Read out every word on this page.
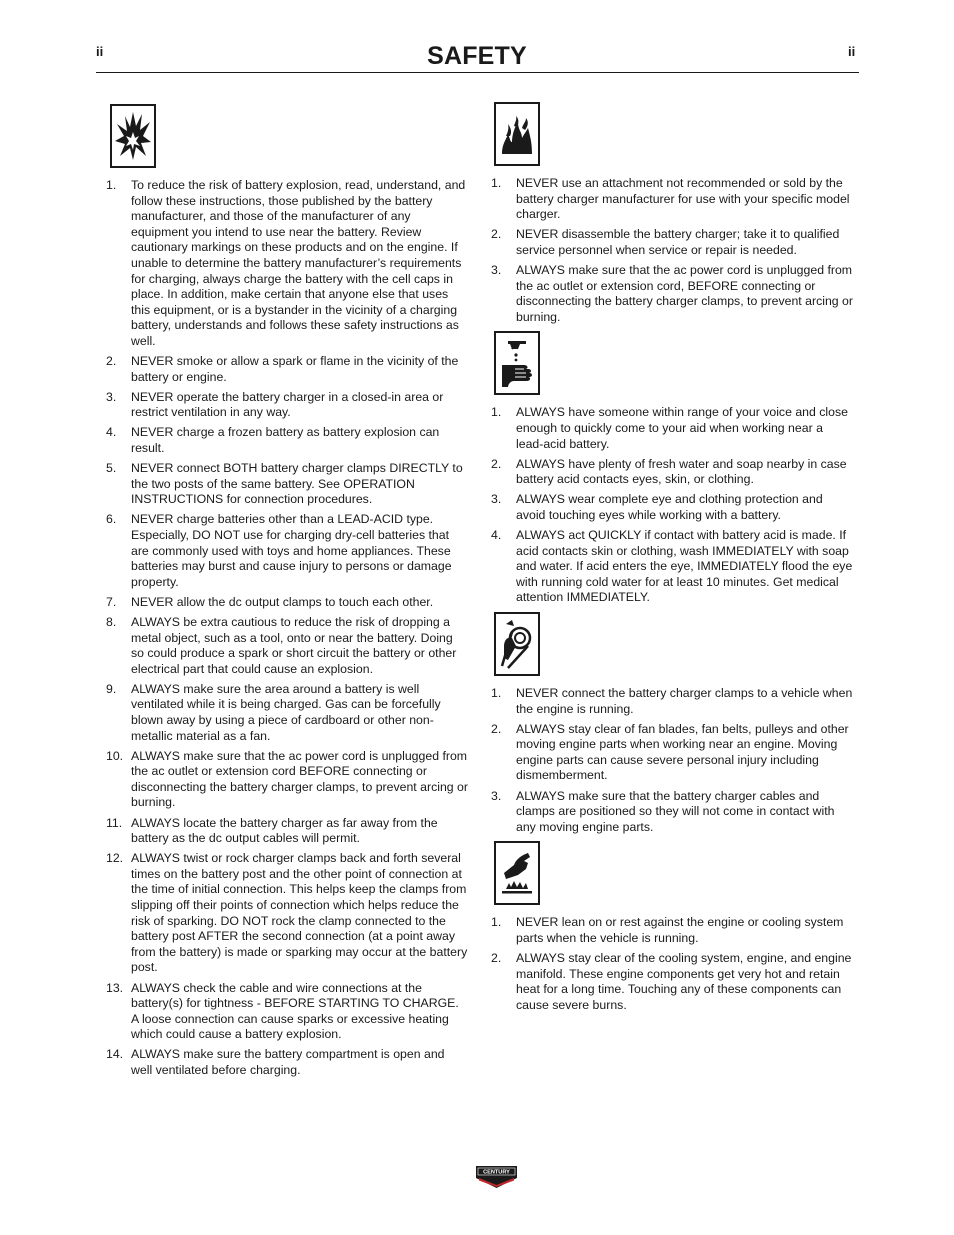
ii	SAFETY	ii
1.	To reduce the risk of battery explosion, read, understand, and follow these instructions, those published by the battery manufacturer, and those of the manufacturer of any equipment you intend to use near the battery. Review cautionary markings on these products and on the engine. If unable to determine the battery manufacturer’s requirements for charging, always charge the battery with the cell caps in place. In addition, make certain that anyone else that uses this equipment, or is a bystander in the vicinity of a charging battery, understands and follows these safety instructions as well.
2.	NEVER smoke or allow a spark or flame in the vicinity of the battery or engine.
3.	NEVER operate the battery charger in a closed-in area or restrict ventilation in any way.
4.	NEVER charge a frozen battery as battery explosion can result.
5.	NEVER connect BOTH battery charger clamps DIRECTLY to the two posts of the same battery. See OPERATION INSTRUCTIONS for connection procedures.
6.	NEVER charge batteries other than a LEAD-ACID type. Especially, DO NOT use for charging dry-cell batteries that are commonly used with toys and home appliances. These batteries may burst and cause injury to persons or damage property.
7.	NEVER allow the dc output clamps to touch each other.
8.	ALWAYS be extra cautious to reduce the risk of dropping a metal object, such as a tool, onto or near the battery. Doing so could produce a spark or short circuit the battery or other electrical part that could cause an explosion.
9.	ALWAYS make sure the area around a battery is well ventilated while it is being charged. Gas can be forcefully blown away by using a piece of cardboard or other non-metallic material as a fan.
10. ALWAYS make sure that the ac power cord is unplugged from the ac outlet or extension cord BEFORE connecting or disconnecting the battery charger clamps, to prevent arcing or burning.
11. ALWAYS locate the battery charger as far away from the battery as the dc output cables will permit.
12. ALWAYS twist or rock charger clamps back and forth several times on the battery post and the other point of connection at the time of initial connection. This helps keep the clamps from slipping off their points of connection which helps reduce the risk of sparking. DO NOT rock the clamp connected to the battery post AFTER the second connection (at a point away from the battery) is made or sparking may occur at the battery post.
13. ALWAYS check the cable and wire connections at the battery(s) for tightness - BEFORE STARTING TO CHARGE. A loose connection can cause sparks or excessive heating which could cause a battery explosion.
14. ALWAYS make sure the battery compartment is open and well ventilated before charging.
1.	NEVER use an attachment not recommended or sold by the battery charger manufacturer for use with your specific model charger.
2.	NEVER disassemble the battery charger; take it to qualified service personnel when service or repair is needed.
3.	ALWAYS make sure that the ac power cord is unplugged from the ac outlet or extension cord, BEFORE connecting or disconnecting the battery charger clamps, to prevent arcing or burning.
1.	ALWAYS have someone within range of your voice and close enough to quickly come to your aid when working near a lead-acid battery.
2.	ALWAYS have plenty of fresh water and soap nearby in case battery acid contacts eyes, skin, or clothing.
3.	ALWAYS wear complete eye and clothing protection and avoid touching eyes while working with a battery.
4.	ALWAYS act QUICKLY if contact with battery acid is made. If acid contacts skin or clothing, wash IMMEDIATELY with soap and water. If acid enters the eye, IMMEDIATELY flood the eye with running cold water for at least 10 minutes. Get medical attention IMMEDIATELY.
1.	NEVER connect the battery charger clamps to a vehicle when the engine is running.
2.	ALWAYS stay clear of fan blades, fan belts, pulleys and other moving engine parts when working near an engine. Moving engine parts can cause severe personal injury including dismemberment.
3.	ALWAYS make sure that the battery charger cables and clamps are positioned so they will not come in contact with any moving engine parts.
1.	NEVER lean on or rest against the engine or cooling system parts when the vehicle is running.
2.	ALWAYS stay clear of the cooling system, engine, and engine manifold. These engine components get very hot and retain heat for a long time. Touching any of these components can cause severe burns.
CENTURY
